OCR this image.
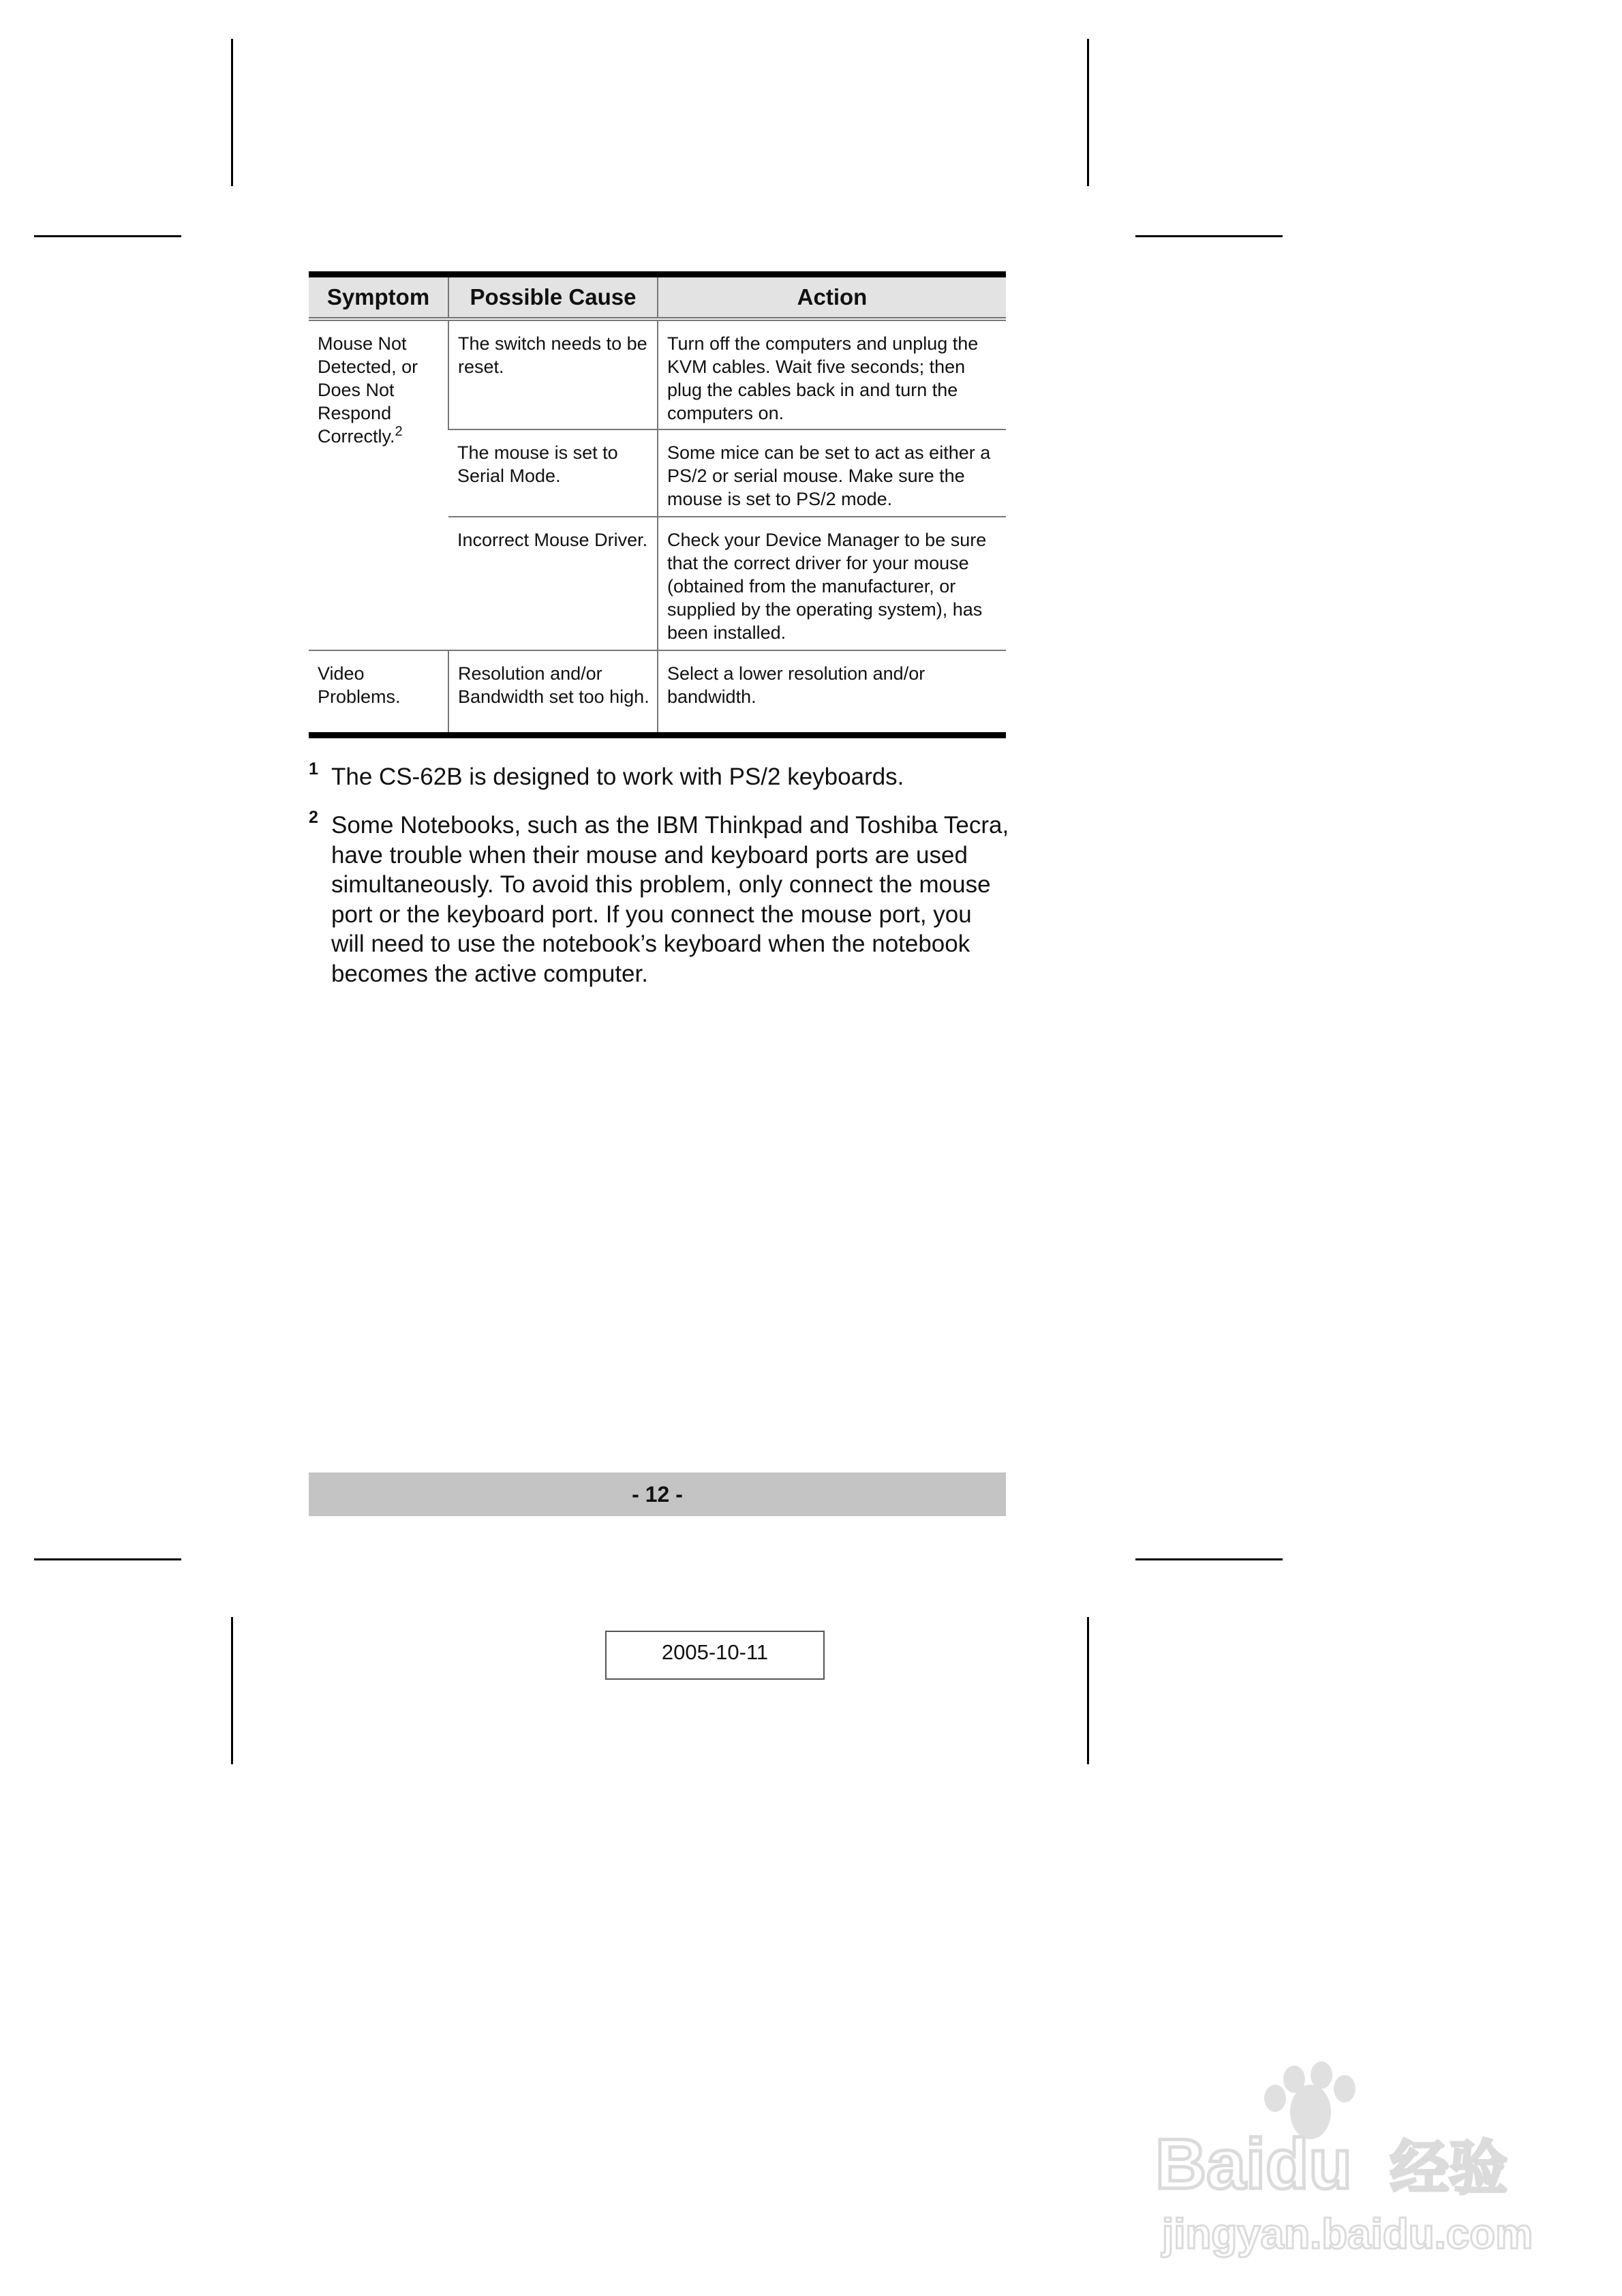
Symptom	Possible Cause	Action
Mouse Not Detected, or Does Not Respond Correctly.$^2$	The switch needs to be reset.	Turn off the computers and unplug the KVM cables. Wait five seconds; then plug the cables back in and turn the computers on.
	The mouse is set to Serial Mode.	Some mice can be set to act as either a PS/2 or serial mouse. Make sure the mouse is set to PS/2 mode.
	Incorrect Mouse Driver.	Check your Device Manager to be sure that the correct driver for your mouse (obtained from the manufacturer, or supplied by the operating system), has been installed.
Video Problems.	Resolution and/or Bandwidth set too high.	Select a lower resolution and/or bandwidth.
1 The CS-62B is designed to work with PS/2 keyboards.
2 Some Notebooks, such as the IBM Thinkpad and Toshiba Tecra, have trouble when their mouse and keyboard ports are used simultaneously. To avoid this problem, only connect the mouse port or the keyboard port. If you connect the mouse port, you will need to use the notebook’s keyboard when the notebook becomes the active computer.
- 12 -
2005-10-11
Baidu 经验
jingyan.baidu.com
